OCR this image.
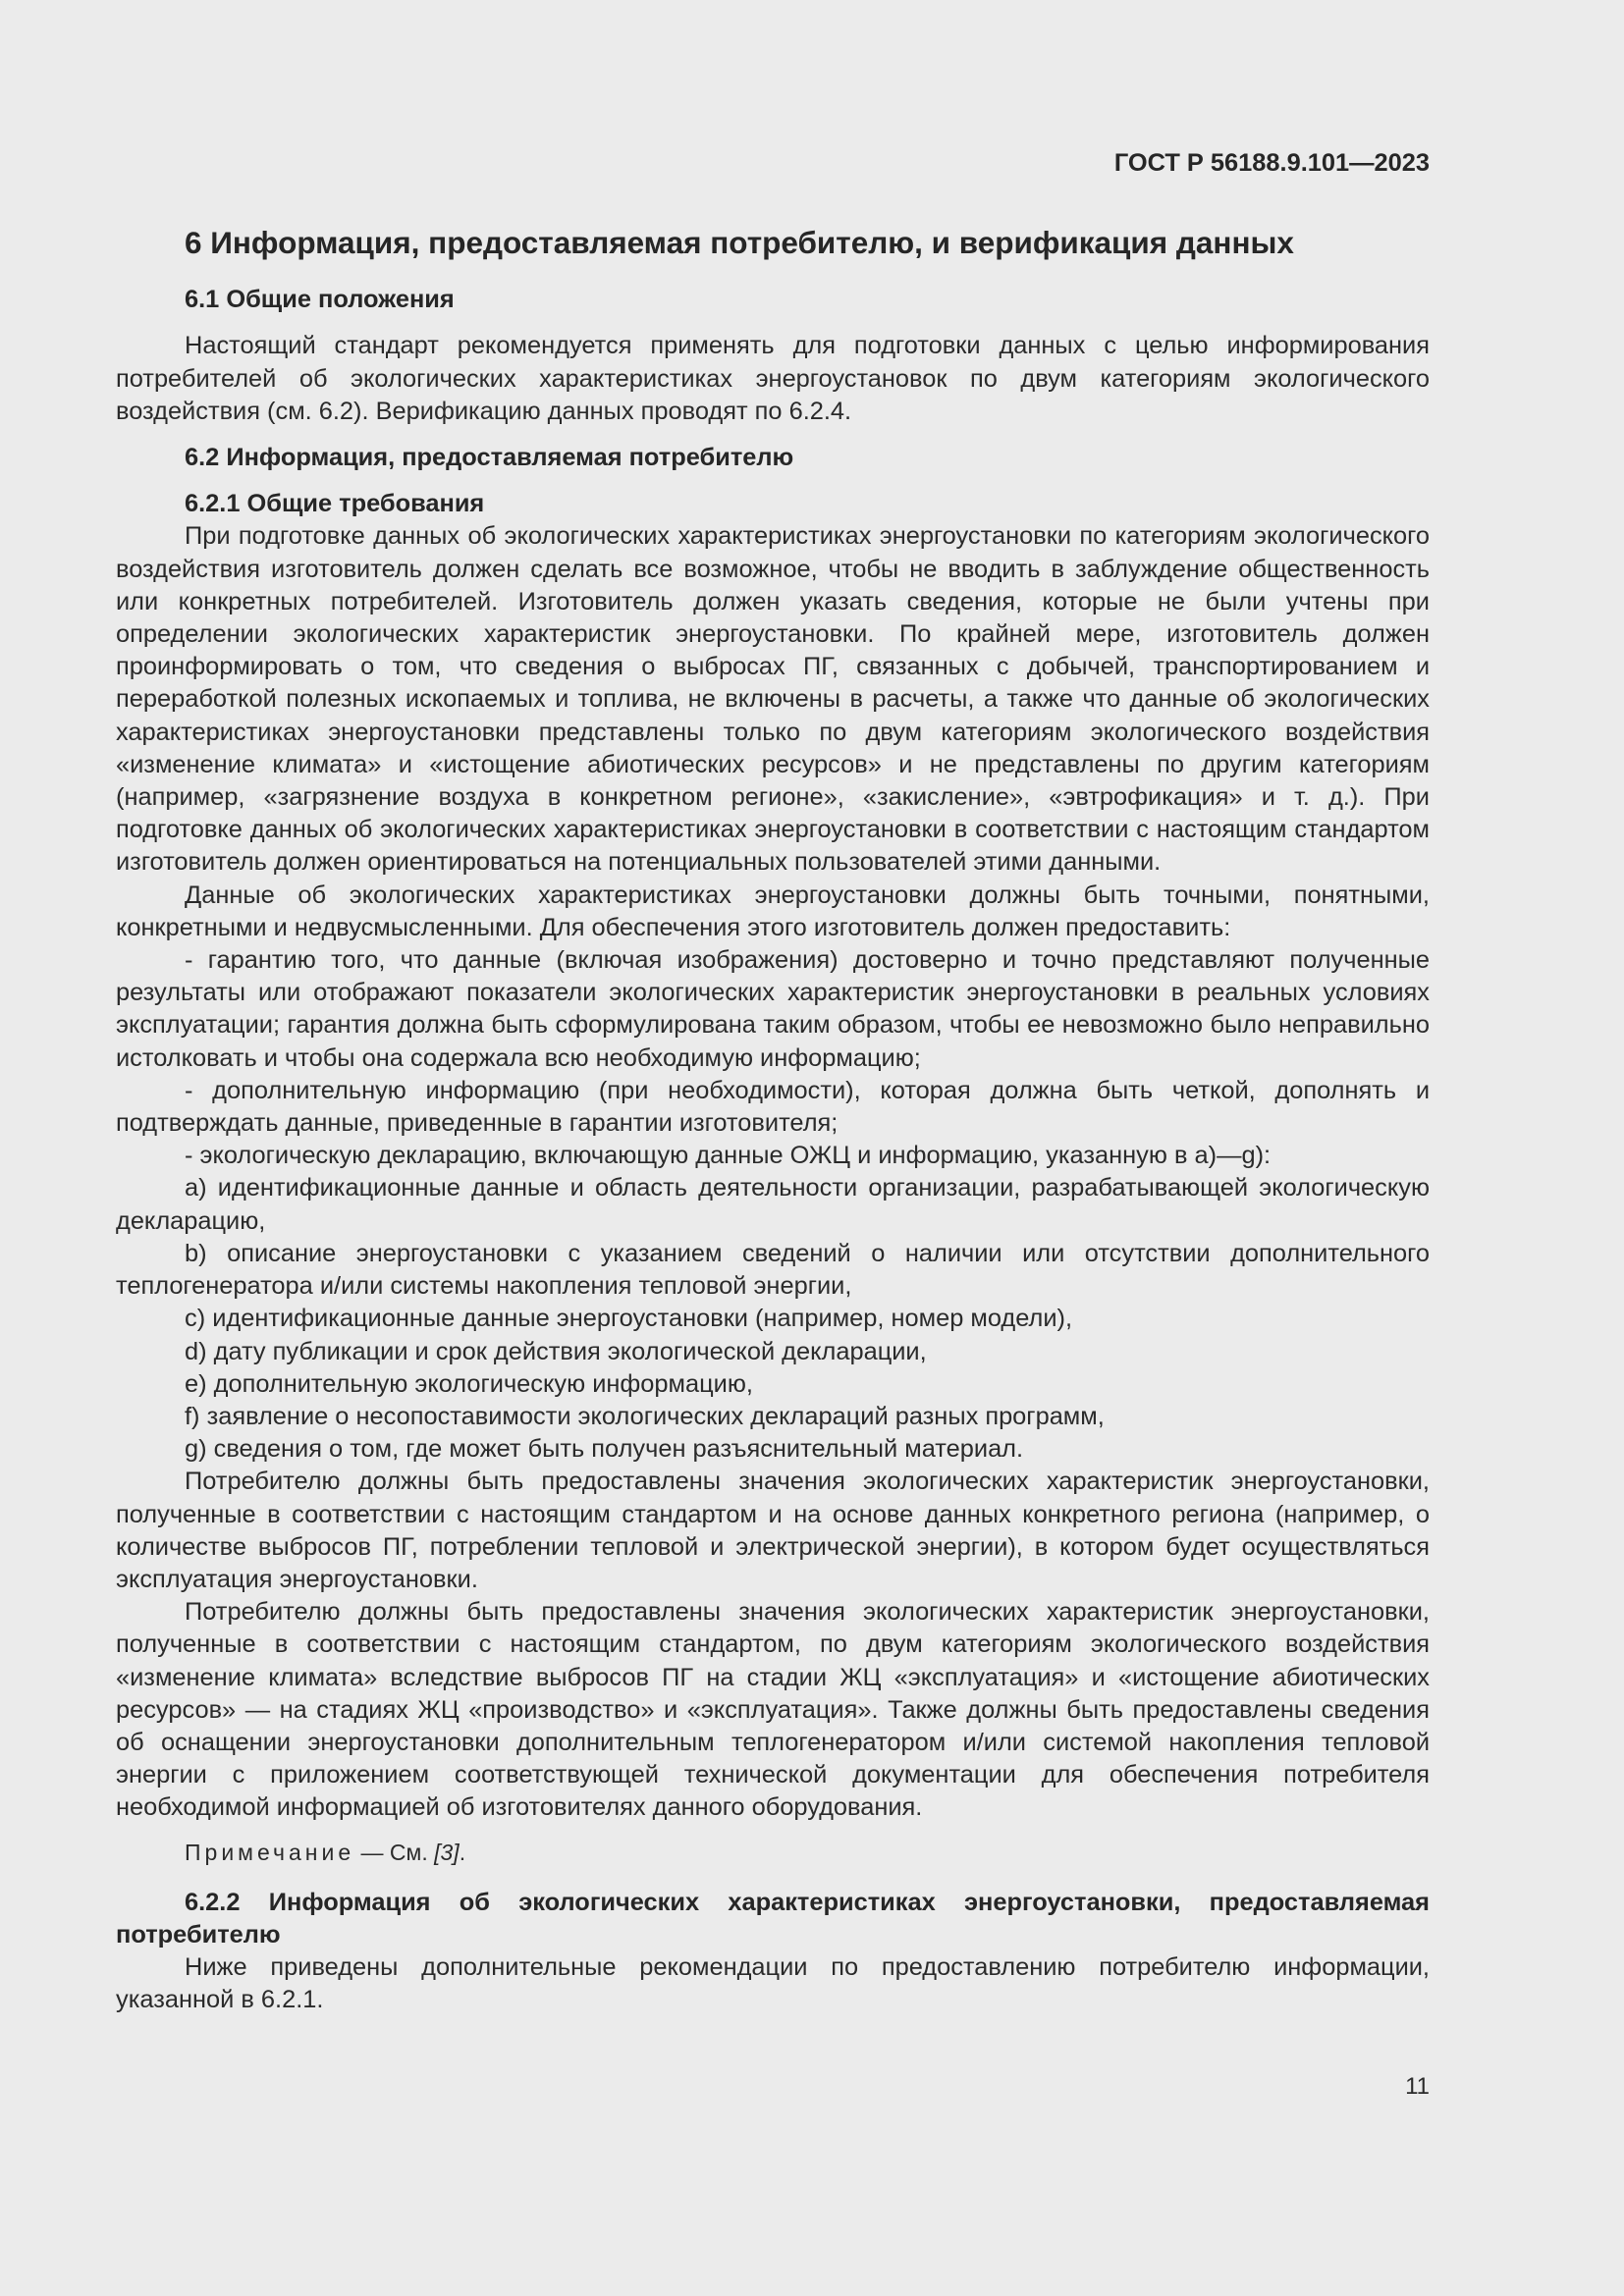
ГОСТ Р 56188.9.101—2023
6 Информация, предоставляемая потребителю, и верификация данных
6.1 Общие положения

Настоящий стандарт рекомендуется применять для подготовки данных с целью информирования потребителей об экологических характеристиках энергоустановок по двум категориям экологического воздействия (см. 6.2). Верификацию данных проводят по 6.2.4.

6.2 Информация, предоставляемая потребителю
6.2.1 Общие требования

При подготовке данных об экологических характеристиках энергоустановки по категориям экологического воздействия изготовитель должен сделать все возможное, чтобы не вводить в заблуждение общественность или конкретных потребителей. Изготовитель должен указать сведения, которые не были учтены при определении экологических характеристик энергоустановки. По крайней мере, изготовитель должен проинформировать о том, что сведения о выбросах ПГ, связанных с добычей, транспортированием и переработкой полезных ископаемых и топлива, не включены в расчеты, а также что данные об экологических характеристиках энергоустановки представлены только по двум категориям экологического воздействия «изменение климата» и «истощение абиотических ресурсов» и не представлены по другим категориям (например, «загрязнение воздуха в конкретном регионе», «закисление», «эвтрофикация» и т. д.). При подготовке данных об экологических характеристиках энергоустановки в соответствии с настоящим стандартом изготовитель должен ориентироваться на потенциальных пользователей этими данными.

Данные об экологических характеристиках энергоустановки должны быть точными, понятными, конкретными и недвусмысленными. Для обеспечения этого изготовитель должен предоставить:

- гарантию того, что данные (включая изображения) достоверно и точно представляют полученные результаты или отображают показатели экологических характеристик энергоустановки в реальных условиях эксплуатации; гарантия должна быть сформулирована таким образом, чтобы ее невозможно было неправильно истолковать и чтобы она содержала всю необходимую информацию;

- дополнительную информацию (при необходимости), которая должна быть четкой, дополнять и подтверждать данные, приведенные в гарантии изготовителя;

- экологическую декларацию, включающую данные ОЖЦ и информацию, указанную в а)—g):

a) идентификационные данные и область деятельности организации, разрабатывающей экологическую декларацию,

b) описание энергоустановки с указанием сведений о наличии или отсутствии дополнительного теплогенератора и/или системы накопления тепловой энергии,

c) идентификационные данные энергоустановки (например, номер модели),

d) дату публикации и срок действия экологической декларации,

e) дополнительную экологическую информацию,

f) заявление о несопоставимости экологических деклараций разных программ,

g) сведения о том, где может быть получен разъяснительный материал.

Потребителю должны быть предоставлены значения экологических характеристик энергоустановки, полученные в соответствии с настоящим стандартом и на основе данных конкретного региона (например, о количестве выбросов ПГ, потреблении тепловой и электрической энергии), в котором будет осуществляться эксплуатация энергоустановки.

Потребителю должны быть предоставлены значения экологических характеристик энергоустановки, полученные в соответствии с настоящим стандартом, по двум категориям экологического воздействия «изменение климата» вследствие выбросов ПГ на стадии ЖЦ «эксплуатация» и «истощение абиотических ресурсов» — на стадиях ЖЦ «производство» и «эксплуатация». Также должны быть предоставлены сведения об оснащении энергоустановки дополнительным теплогенератором и/или системой накопления тепловой энергии с приложением соответствующей технической документации для обеспечения потребителя необходимой информацией об изготовителях данного оборудования.

Примечание — См. [3].
6.2.2 Информация об экологических характеристиках энергоустановки, предоставляемая потребителю

Ниже приведены дополнительные рекомендации по предоставлению потребителю информации, указанной в 6.2.1.

11
